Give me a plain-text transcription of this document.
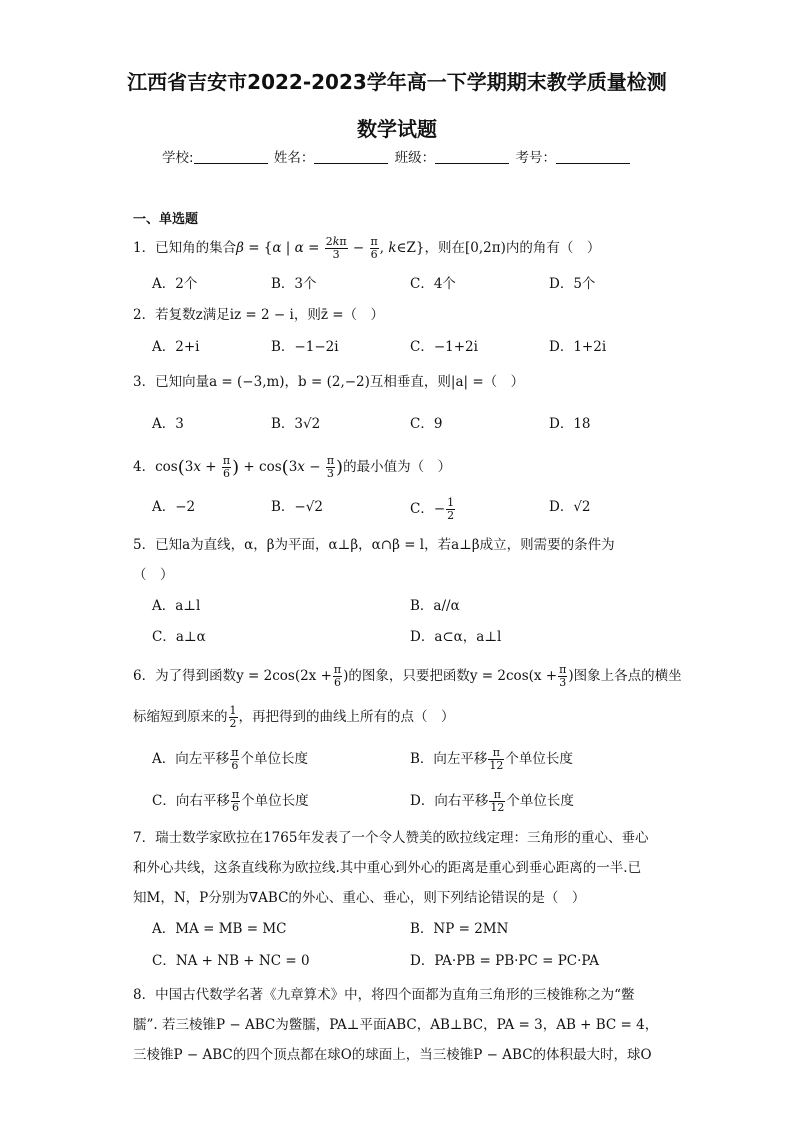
江西省吉安市2022-2023学年高一下学期期末教学质量检测
数学试题
学校:	姓名：	班级：	考号：
一、单选题
1．已知角的集合β = {α | $\alpha = \frac{2k\pi}{3} - \frac{\pi}{6}$ , k∈Z}，则在[0,2π)内的角有（　）
A．2个	B．3个	C．4个	D．5个
2．若复数z满足iz = 2 − i，则z̄ =（　）
A．2+i	B．−1−2i	C．−1+2i	D．1+2i
3．已知向量a = (−3,m)，b = (2,−2)互相垂直，则|a| =（　）
A．3	B．3√2	C．9	D．18
4．$\cos(3x + \frac{\pi}{6}$ ) + $\cos(3x - \frac{\pi}{3}$ )的最小值为（　）
A．−2	B．−√2	C．− $\frac{1}{2}$	D．√2
5．已知a为直线，α，β为平面，α⊥β，α∩β = l，若a⊥β成立，则需要的条件为
（　）
A．a⊥l	B．a//α
C．a⊥α	D．a⊂α，a⊥l
6．为了得到函数$y = 2\cos(2x + \frac{\pi}{6}$ )的图象，只要把函数$y = 2\cos(x + \frac{\pi}{3}$ )图象上各点的横坐
标缩短到原来的 $\frac{1}{2}$ ，再把得到的曲线上所有的点（　）
A．向左平移 $\frac{\pi}{6}$ 个单位长度	B．向左平移 $\frac{\pi}{12}$ 个单位长度
C．向右平移 $\frac{\pi}{6}$ 个单位长度	D．向右平移 $\frac{\pi}{12}$ 个单位长度
7．瑞士数学家欧拉在1765年发表了一个令人赞美的欧拉线定理：三角形的重心、垂心
和外心共线，这条直线称为欧拉线.其中重心到外心的距离是重心到垂心距离的一半.已
知M，N，P分别为∇ABC的外心、重心、垂心，则下列结论错误的是（　）
A．MA = MB = MC	B．NP = 2MN
C．NA + NB + NC = 0	D．PA·PB = PB·PC = PC·PA
8．中国古代数学名著《九章算术》中，将四个面都为直角三角形的三棱锥称之为“鳖
臑”. 若三棱锥P − ABC为鳖臑，PA⊥平面ABC，AB⊥BC，PA = 3，AB + BC = 4，
三棱锥P − ABC的四个顶点都在球O的球面上，当三棱锥P − ABC的体积最大时，球O
